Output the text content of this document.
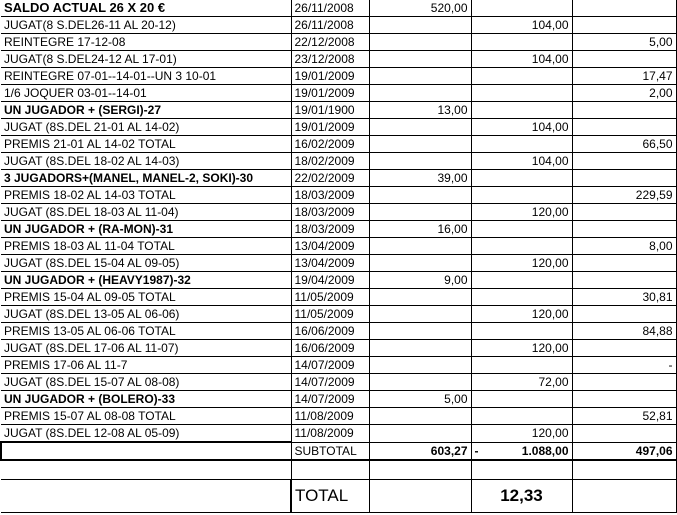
SALDO ACTUAL 26 X 20 €	26/11/2008	520,00		
JUGAT(8 S.DEL26-11 AL 20-12)	26/11/2008		104,00	
REINTEGRE 17-12-08	22/12/2008			5,00
JUGAT(8 S.DEL24-12 AL 17-01)	23/12/2008		104,00	
REINTEGRE 07-01--14-01--UN 3 10-01	19/01/2009			17,47
1/6 JOQUER 03-01--14-01	19/01/2009			2,00
UN JUGADOR + (SERGI)-27	19/01/1900	13,00		
JUGAT (8S.DEL 21-01 AL 14-02)	19/01/2009		104,00	
PREMIS 21-01 AL 14-02 TOTAL	16/02/2009			66,50
JUGAT (8S.DEL 18-02 AL 14-03)	18/02/2009		104,00	
3 JUGADORS+(MANEL, MANEL-2, SOKI)-30	22/02/2009	39,00		
PREMIS 18-02 AL 14-03 TOTAL	18/03/2009			229,59
JUGAT (8S.DEL 18-03 AL 11-04)	18/03/2009		120,00	
UN JUGADOR + (RA-MON)-31	18/03/2009	16,00		
PREMIS 18-03 AL 11-04 TOTAL	13/04/2009			8,00
JUGAT (8S.DEL 15-04 AL 09-05)	13/04/2009		120,00	
UN JUGADOR + (HEAVY1987)-32	19/04/2009	9,00		
PREMIS 15-04 AL 09-05 TOTAL	11/05/2009			30,81
JUGAT (8S.DEL 13-05 AL 06-06)	11/05/2009		120,00	
PREMIS 13-05 AL 06-06 TOTAL	16/06/2009			84,88
JUGAT (8S.DEL 17-06 AL 11-07)	16/06/2009		120,00	
PREMIS 17-06 AL 11-7	14/07/2009			-
JUGAT (8S.DEL 15-07 AL 08-08)	14/07/2009		72,00	
UN JUGADOR + (BOLERO)-33	14/07/2009	5,00		
PREMIS 15-07 AL 08-08 TOTAL	11/08/2009			52,81
JUGAT (8S.DEL 12-08 AL 05-09)	11/08/2009		120,00	
	SUBTOTAL	603,27	- 1.088,00	497,06

	TOTAL		12,33	
